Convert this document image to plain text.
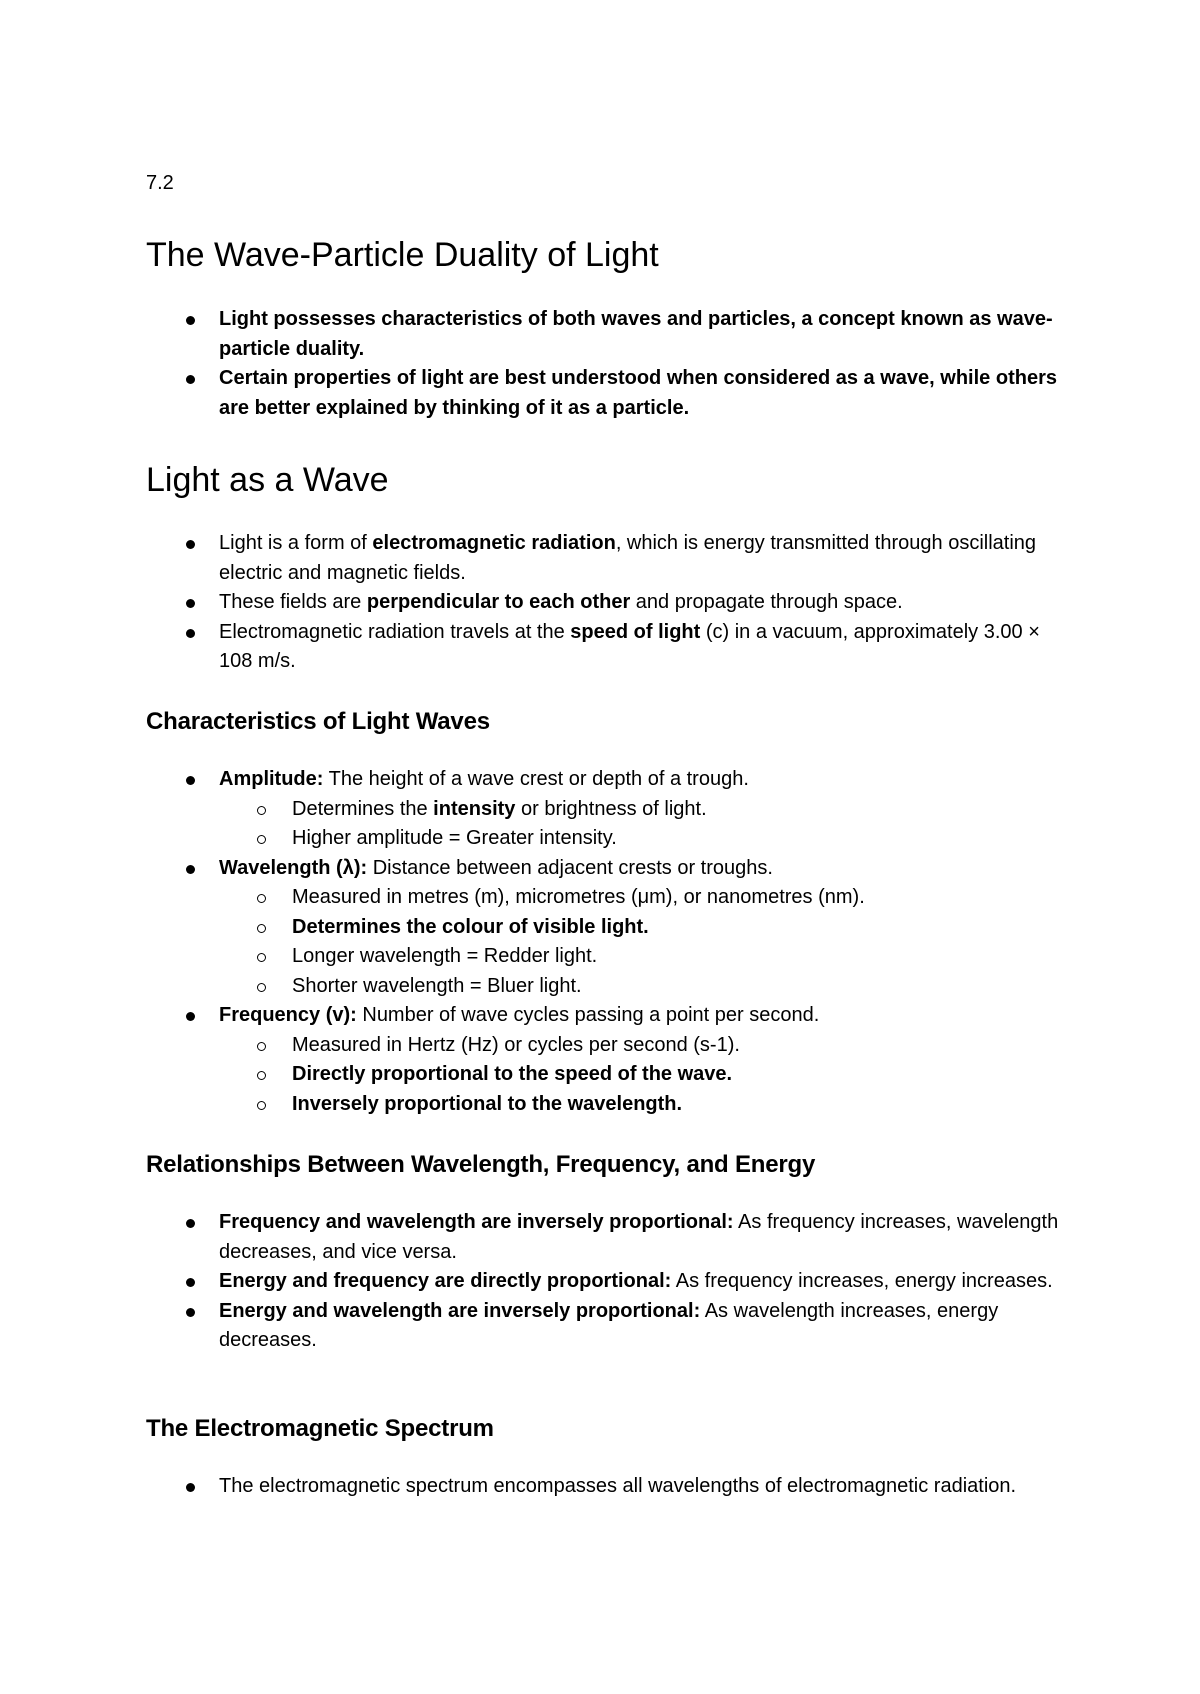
7.2
The Wave-Particle Duality of Light
Light possesses characteristics of both waves and particles, a concept known as wave-particle duality.
Certain properties of light are best understood when considered as a wave, while others are better explained by thinking of it as a particle.
Light as a Wave
Light is a form of electromagnetic radiation, which is energy transmitted through oscillating electric and magnetic fields.
These fields are perpendicular to each other and propagate through space.
Electromagnetic radiation travels at the speed of light (c) in a vacuum, approximately 3.00 × 108 m/s.
Characteristics of Light Waves
Amplitude: The height of a wave crest or depth of a trough.
Determines the intensity or brightness of light.
Higher amplitude = Greater intensity.
Wavelength (λ): Distance between adjacent crests or troughs.
Measured in metres (m), micrometres (μm), or nanometres (nm).
Determines the colour of visible light.
Longer wavelength = Redder light.
Shorter wavelength = Bluer light.
Frequency (v): Number of wave cycles passing a point per second.
Measured in Hertz (Hz) or cycles per second (s-1).
Directly proportional to the speed of the wave.
Inversely proportional to the wavelength.
Relationships Between Wavelength, Frequency, and Energy
Frequency and wavelength are inversely proportional: As frequency increases, wavelength decreases, and vice versa.
Energy and frequency are directly proportional: As frequency increases, energy increases.
Energy and wavelength are inversely proportional: As wavelength increases, energy decreases.
The Electromagnetic Spectrum
The electromagnetic spectrum encompasses all wavelengths of electromagnetic radiation.
